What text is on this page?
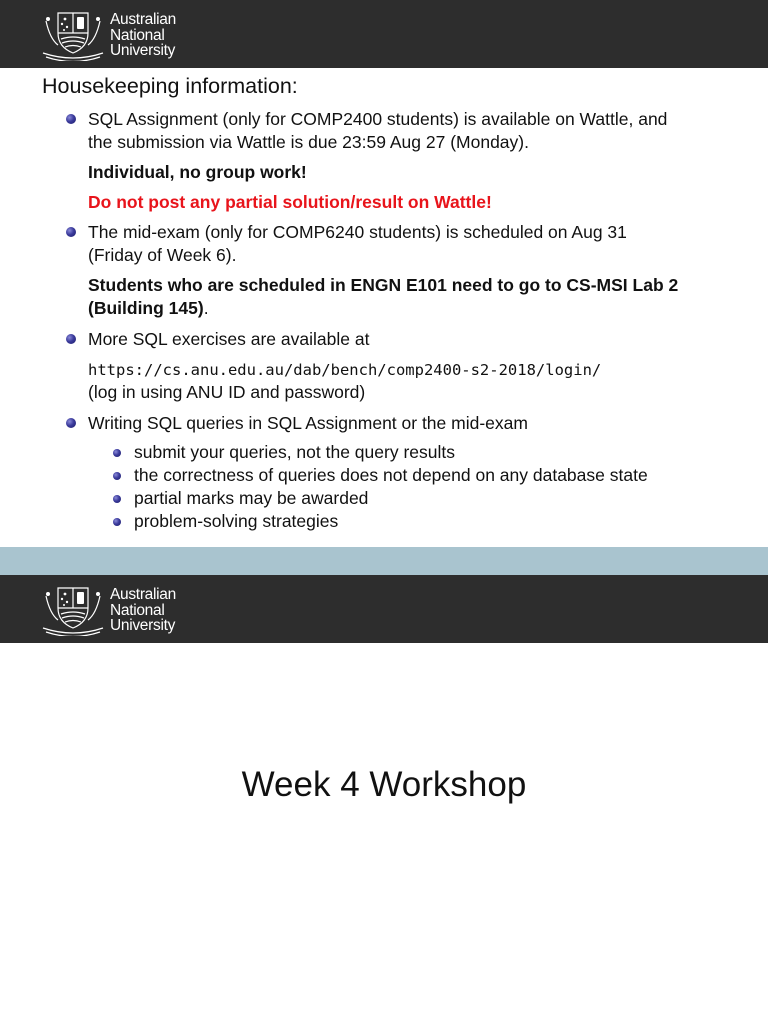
Australian
National
University
Housekeeping information:
SQL Assignment (only for COMP2400 students) is available on Wattle, and
the submission via Wattle is due 23:59 Aug 27 (Monday).
Individual, no group work!
Do not post any partial solution/result on Wattle!
The mid-exam (only for COMP6240 students) is scheduled on Aug 31
(Friday of Week 6).
Students who are scheduled in ENGN E101 need to go to CS-MSI Lab 2
(Building 145).
More SQL exercises are available at
https://cs.anu.edu.au/dab/bench/comp2400-s2-2018/login/
(log in using ANU ID and password)
Writing SQL queries in SQL Assignment or the mid-exam
submit your queries, not the query results
the correctness of queries does not depend on any database state
partial marks may be awarded
problem-solving strategies
Australian
National
University
Week 4 Workshop
